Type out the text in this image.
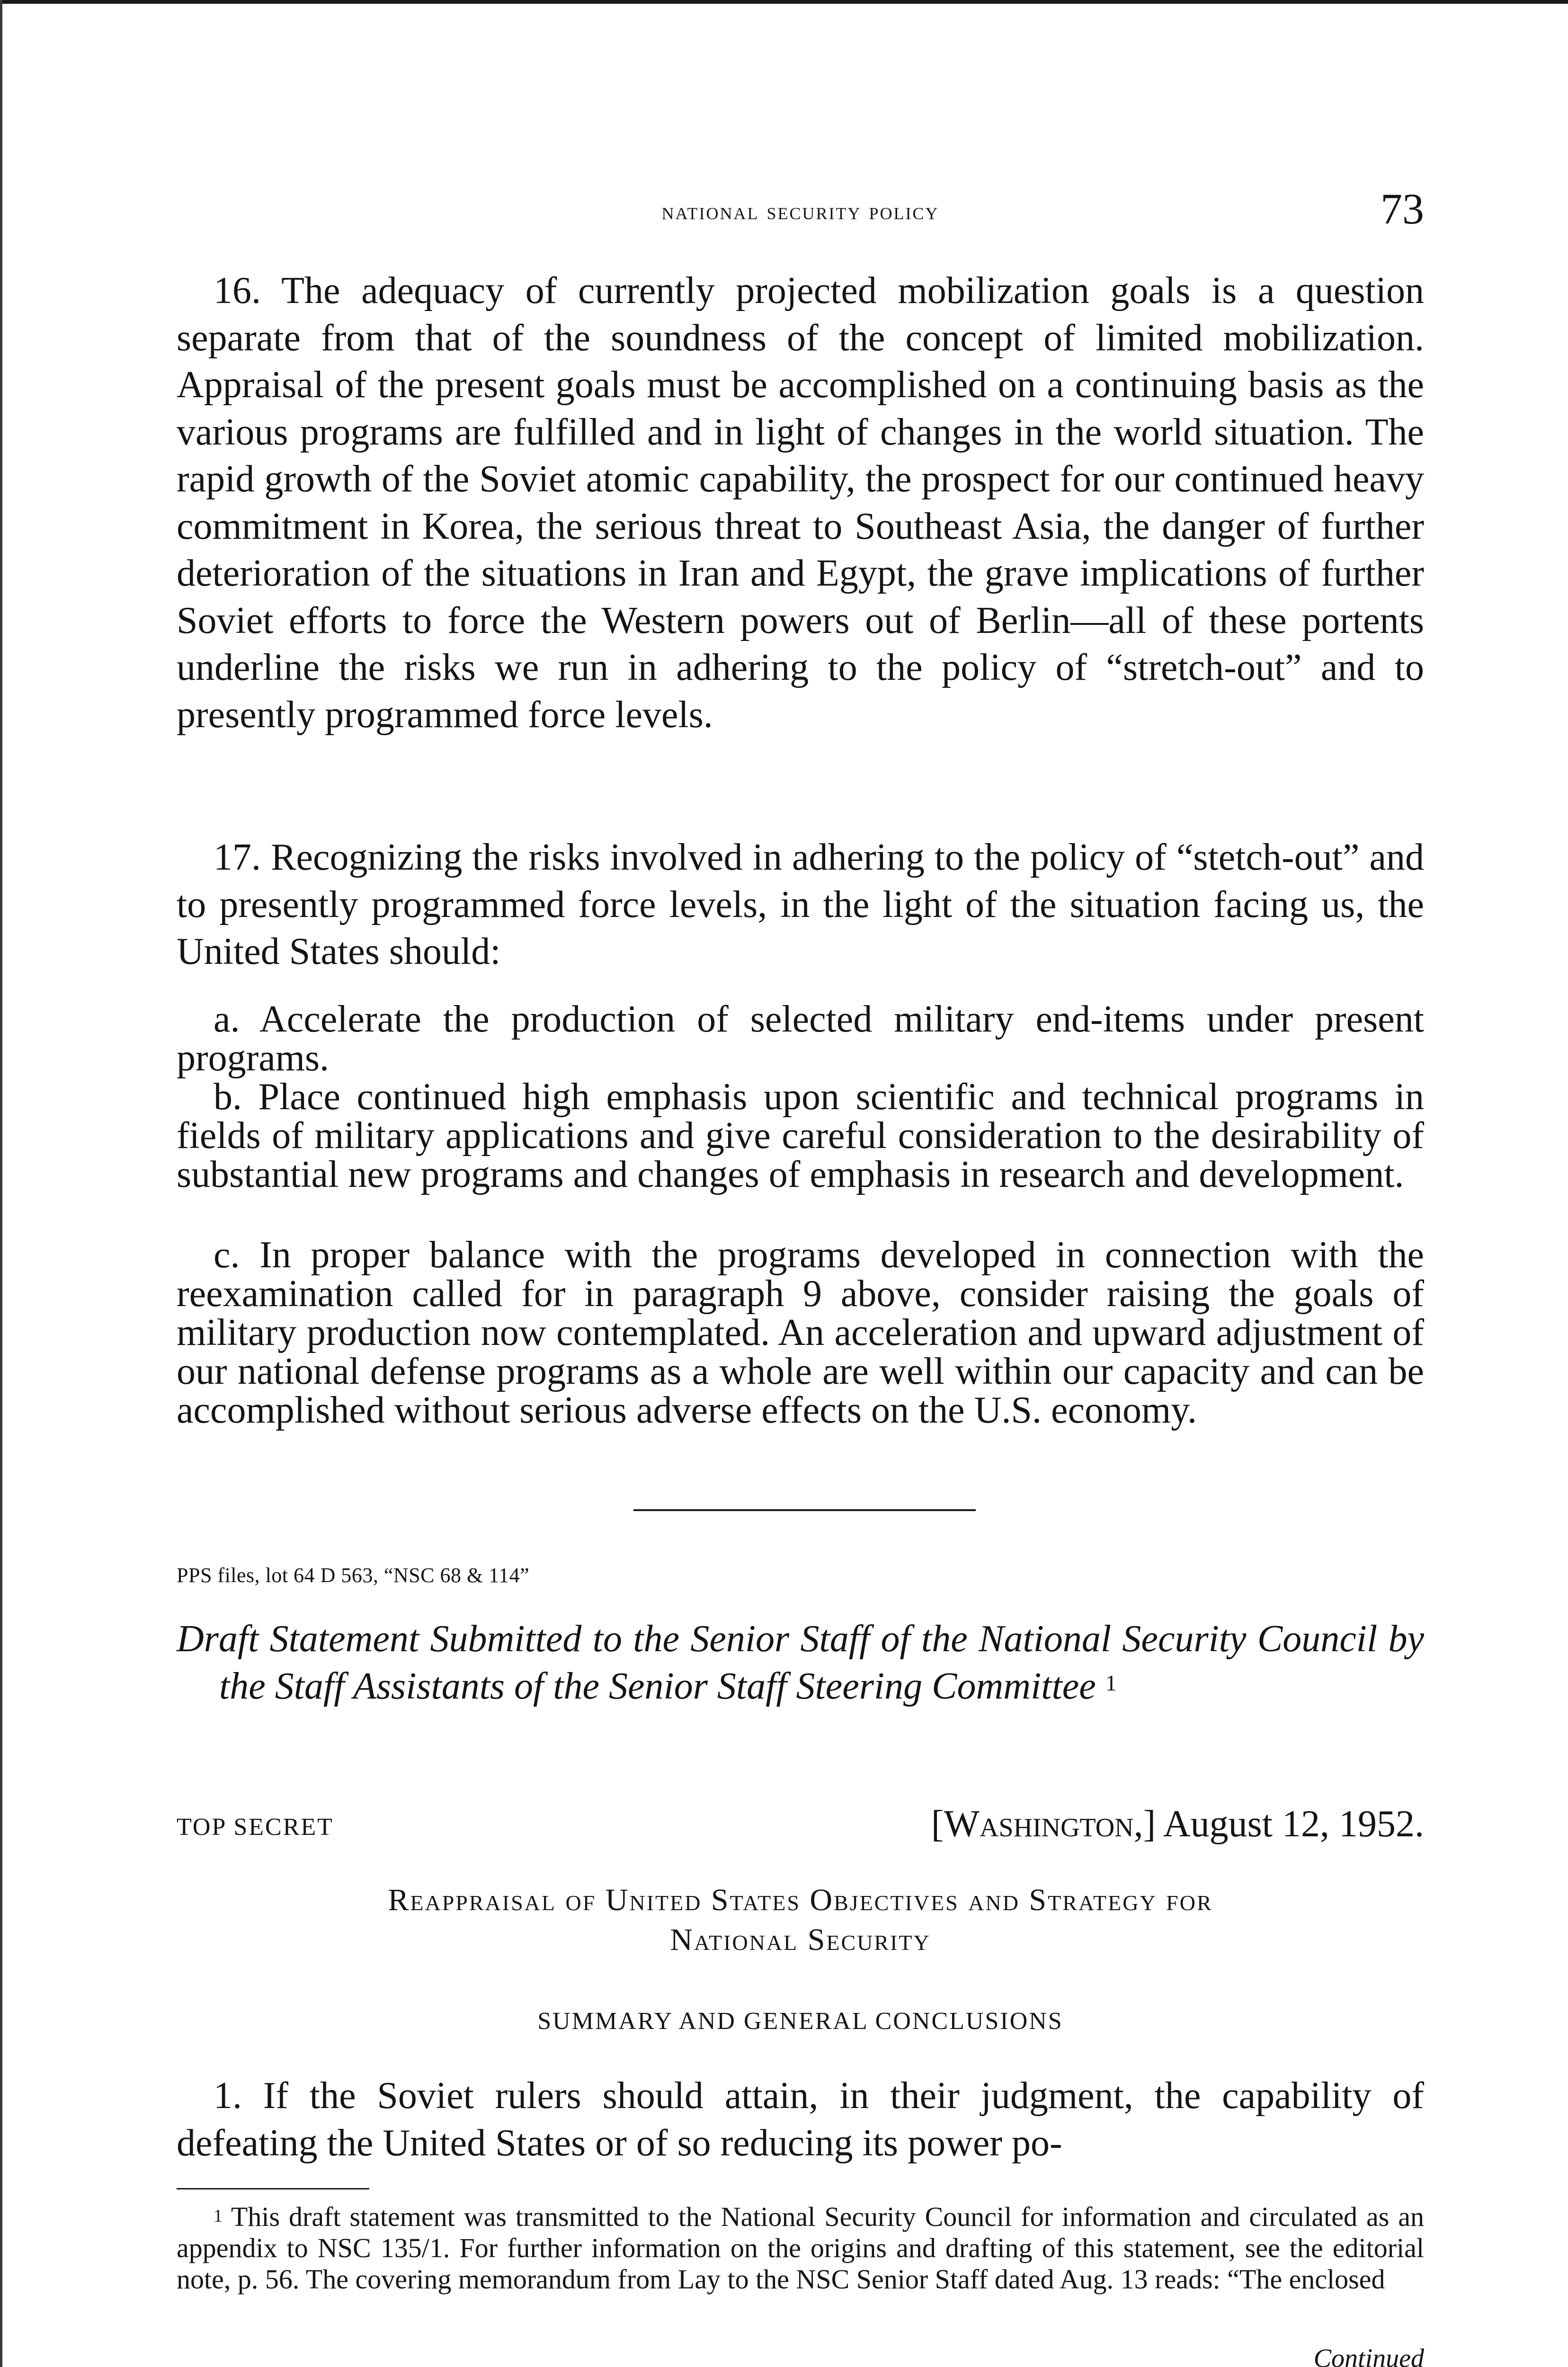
national security policy	73

16. The adequacy of currently projected mobilization goals is a question separate from that of the soundness of the concept of limited mobilization. Appraisal of the present goals must be accomplished on a continuing basis as the various programs are fulfilled and in light of changes in the world situation. The rapid growth of the Soviet atomic capability, the prospect for our continued heavy commitment in Korea, the serious threat to Southeast Asia, the danger of further deterioration of the situations in Iran and Egypt, the grave implications of further Soviet efforts to force the Western powers out of Berlin—all of these portents underline the risks we run in adhering to the policy of “stretch-out” and to presently programmed force levels.

17. Recognizing the risks involved in adhering to the policy of “stetch-out” and to presently programmed force levels, in the light of the situation facing us, the United States should:

a. Accelerate the production of selected military end-items under present programs.

b. Place continued high emphasis upon scientific and technical programs in fields of military applications and give careful consideration to the desirability of substantial new programs and changes of emphasis in research and development.

c. In proper balance with the programs developed in connection with the reexamination called for in paragraph 9 above, consider raising the goals of military production now contemplated. An acceleration and upward adjustment of our national defense programs as a whole are well within our capacity and can be accomplished without serious adverse effects on the U.S. economy.

PPS files, lot 64 D 563, “NSC 68 & 114”

Draft Statement Submitted to the Senior Staff of the National Security Council by the Staff Assistants of the Senior Staff Steering Committee $^1$

TOP SECRET	[Washington,] August 12, 1952.
Reappraisal of United States Objectives and Strategy for
National Security
SUMMARY AND GENERAL CONCLUSIONS

1. If the Soviet rulers should attain, in their judgment, the capability of defeating the United States or of so reducing its power po-

$^1$ This draft statement was transmitted to the National Security Council for information and circulated as an appendix to NSC 135/1. For further information on the origins and drafting of this statement, see the editorial note, p. 56. The covering memorandum from Lay to the NSC Senior Staff dated Aug. 13 reads: “The enclosed

Continued
